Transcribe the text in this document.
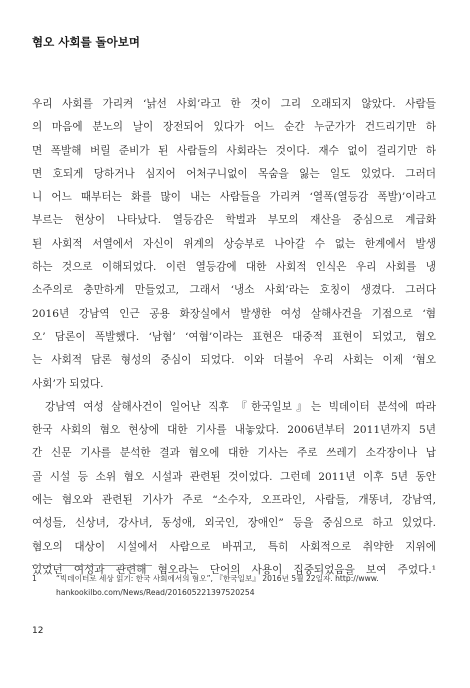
혐오 사회를 돌아보며
우리 사회를 가리켜 ‘낡선 사회’라고 한 것이 그리 오래되지 않았다. 사람들
의 마음에 분노의 날이 장전되어 있다가 어느 순간 누군가가 건드리기만 하
면 폭발해 버릴 준비가 된 사람들의 사회라는 것이다. 재수 없이 걸리기만 하
면 호되게 당하거나 심지어 어처구니없이 목숨을 잃는 일도 있었다. 그러더
니 어느 때부터는 화를 많이 내는 사람들을 가리켜 ‘열폭(열등감 폭발)’이라고
부르는 현상이 나타났다. 열등감은 학벌과 부모의 재산을 중심으로 계급화
된 사회적 서열에서 자신이 위계의 상승부로 나아갈 수 없는 한계에서 발생
하는 것으로 이해되었다. 이런 열등감에 대한 사회적 인식은 우리 사회를 냉
소주의로 충만하게 만들었고, 그래서 ‘냉소 사회’라는 호칭이 생겼다. 그러다
2016년 강남역 인근 공용 화장실에서 발생한 여성 살해사건을 기점으로 ‘혐
오’ 담론이 폭발했다. ‘남혐’ ‘여혐’이라는 표현은 대중적 표현이 되었고, 혐오
는 사회적 담론 형성의 중심이 되었다. 이와 더불어 우리 사회는 이제 ‘혐오
사회’가 되었다.
강남역 여성 살해사건이 일어난 직후 『한국일보』는 빅데이터 분석에 따라
한국 사회의 혐오 현상에 대한 기사를 내놓았다. 2006년부터 2011년까지 5년
간 신문 기사를 분석한 결과 혐오에 대한 기사는 주로 쓰레기 소각장이나 납
골 시설 등 소위 혐오 시설과 관련된 것이었다. 그런데 2011년 이후 5년 동안
에는 혐오와 관련된 기사가 주로 “소수자, 오프라인, 사람들, 개똥녀, 강남역,
여성들, 신상녀, 강사녀, 동성애, 외국인, 장애인” 등을 중심으로 하고 있었다.
혐오의 대상이 시설에서 사람으로 바뀌고, 특히 사회적으로 취약한 지위에
있었던 여성과 관련해 혐오라는 단어의 사용이 집중되었음을 보여 주었다.¹
1	“빅데이터로 세상 읽기: 한국 사회에서의 혐오”, 『한국일보』 2016년 5월 22일자. http://www.
hankookilbo.com/News/Read/201605221397520254
12
